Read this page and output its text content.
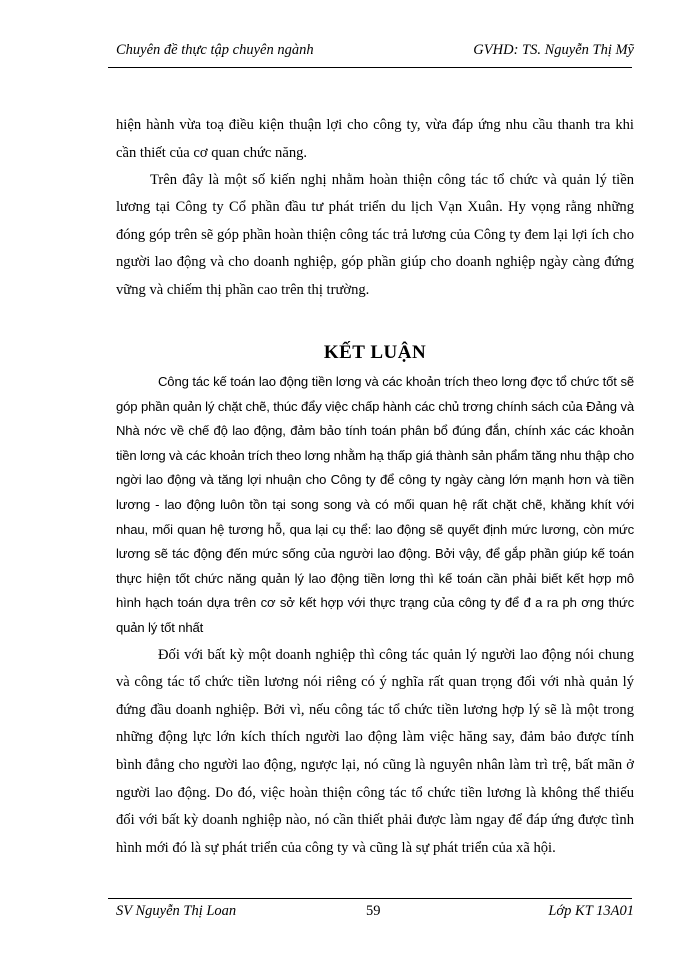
Chuyên đề thực tập chuyên ngành	GVHD: TS. Nguyễn Thị Mỹ

hiện hành vừa toạ điều kiện thuận lợi cho công ty, vừa đáp ứng nhu cầu thanh tra khi cần thiết của cơ quan chức năng.

Trên đây là một số kiến nghị nhằm hoàn thiện công tác tổ chức và quản lý tiền lương tại Công ty Cổ phần đầu tư phát triển du lịch Vạn Xuân. Hy vọng rằng những đóng góp trên sẽ góp phần hoàn thiện công tác trả lương của Công ty đem lại lợi ích cho người lao động và cho doanh nghiệp, góp phần giúp cho doanh nghiệp ngày càng đứng vững và chiếm thị phần cao trên thị trường.

KẾT LUẬN

Công tác kế toán lao động tiền lơng và các khoản trích theo lơng đợc tổ chức tốt sẽ góp phần quản lý chặt chẽ, thúc đẩy việc chấp hành các chủ trơng chính sách của Đảng và Nhà nớc về chế độ lao động, đảm bảo tính toán phân bổ đúng đắn, chính xác các khoản tiền lơng và các khoản trích theo lơng nhằm hạ thấp giá thành sản phẩm tăng nhu thập cho ngời lao động và tăng lợi nhuận cho Công ty để công ty ngày càng lớn mạnh hơn và tiền lương - lao động luôn tồn tại song song và có mối quan hệ rất chặt chẽ, khăng khít với nhau, mối quan hệ tương hỗ, qua lại cụ thể: lao động sẽ quyết định mức lương, còn mức lương sẽ tác động đến mức sống của người lao động. Bởi vậy, để gắp phần giúp kế toán thực hiện tốt chức năng quản lý lao động tiền lơng thì kế toán cần phải biết kết hợp mô hình hạch toán dựa trên cơ sở kết hợp với thực trạng của công ty để đ a ra ph ơng thức quản lý tốt nhất

Đối với bất kỳ một doanh nghiệp thì công tác quản lý người lao động nói chung và công tác tổ chức tiền lương nói riêng có ý nghĩa rất quan trọng đối với nhà quản lý đứng đầu doanh nghiệp. Bởi vì, nếu công tác tổ chức tiền lương hợp lý sẽ là một trong những động lực lớn kích thích người lao động làm việc hăng say, đảm bảo được tính bình đẳng cho người lao động, ngược lại, nó cũng là nguyên nhân làm trì trệ, bất mãn ở người lao động. Do đó, việc hoàn thiện công tác tổ chức tiền lương là không thể thiếu đối với bất kỳ doanh nghiệp nào, nó cần thiết phải được làm ngay để đáp ứng được tình hình mới đó là sự phát triển của công ty và cũng là sự phát triển của xã hội.

SV Nguyễn Thị Loan	59	Lớp KT 13A01
